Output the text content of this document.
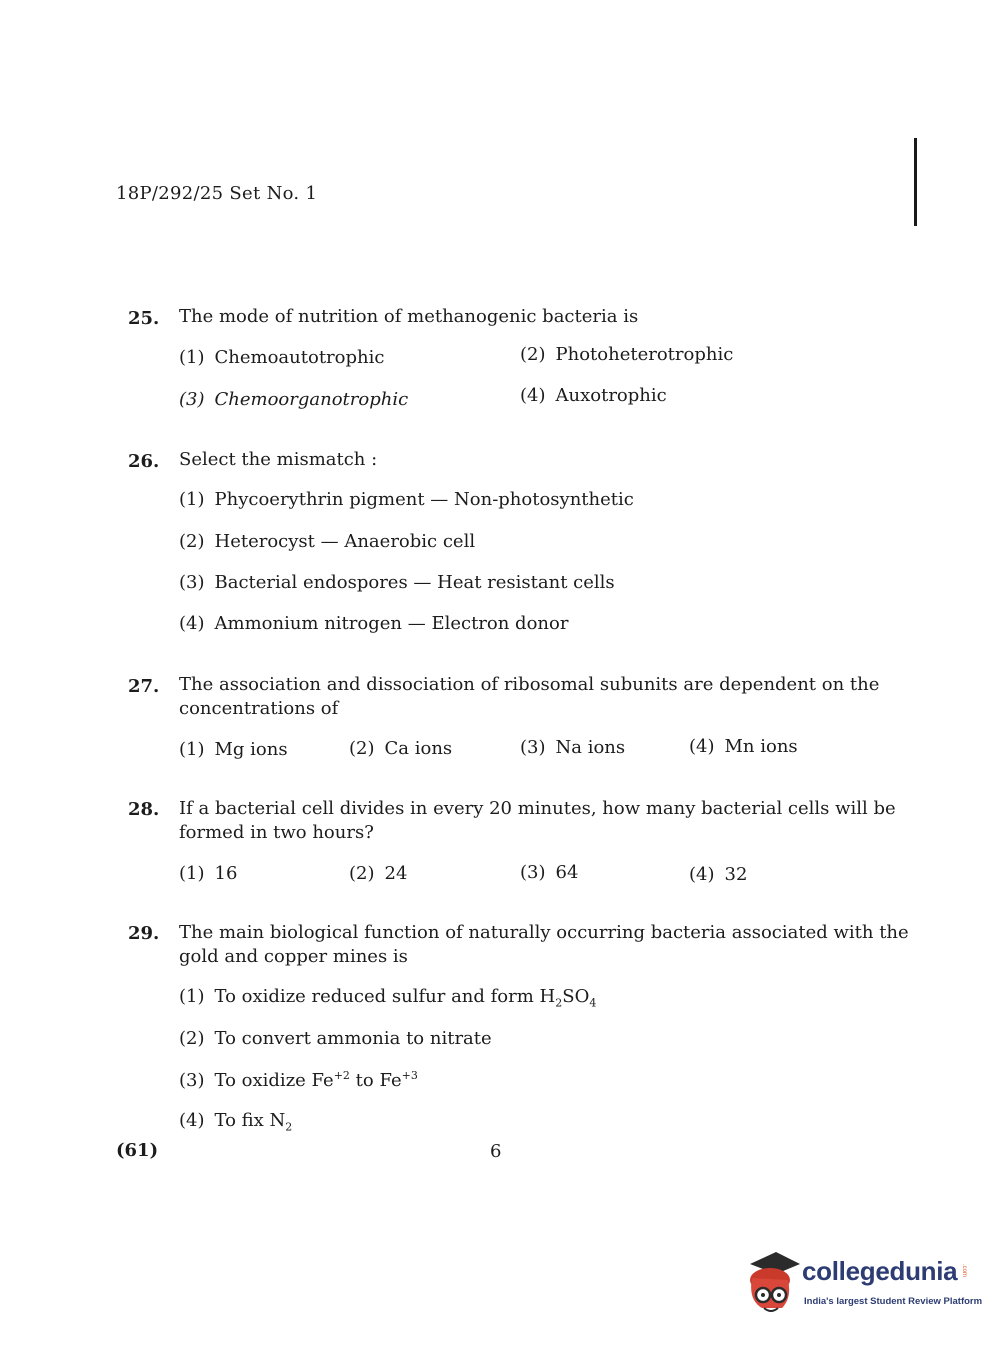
18P/292/25 Set No. 1
25. The mode of nutrition of methanogenic bacteria is
(1) Chemoautotrophic	(2) Photoheterotrophic
(3) Chemoorganotrophic	(4) Auxotrophic
26. Select the mismatch :
(1) Phycoerythrin pigment — Non-photosynthetic
(2) Heterocyst — Anaerobic cell
(3) Bacterial endospores — Heat resistant cells
(4) Ammonium nitrogen — Electron donor
27. The association and dissociation of ribosomal subunits are dependent on the
concentrations of
(1) Mg ions	(2) Ca ions	(3) Na ions	(4) Mn ions
28. If a bacterial cell divides in every 20 minutes, how many bacterial cells will be
formed in two hours?
(1) 16	(2) 24	(3) 64	(4) 32
29. The main biological function of naturally occurring bacteria associated with the
gold and copper mines is
(1) To oxidize reduced sulfur and form $H_2SO_4$
(2) To convert ammonia to nitrate
(3) To oxidize $Fe^{+2}$ to $Fe^{+3}$
(4) To fix $N_2$
(61)	6
collegedunia .com
India's largest Student Review Platform
